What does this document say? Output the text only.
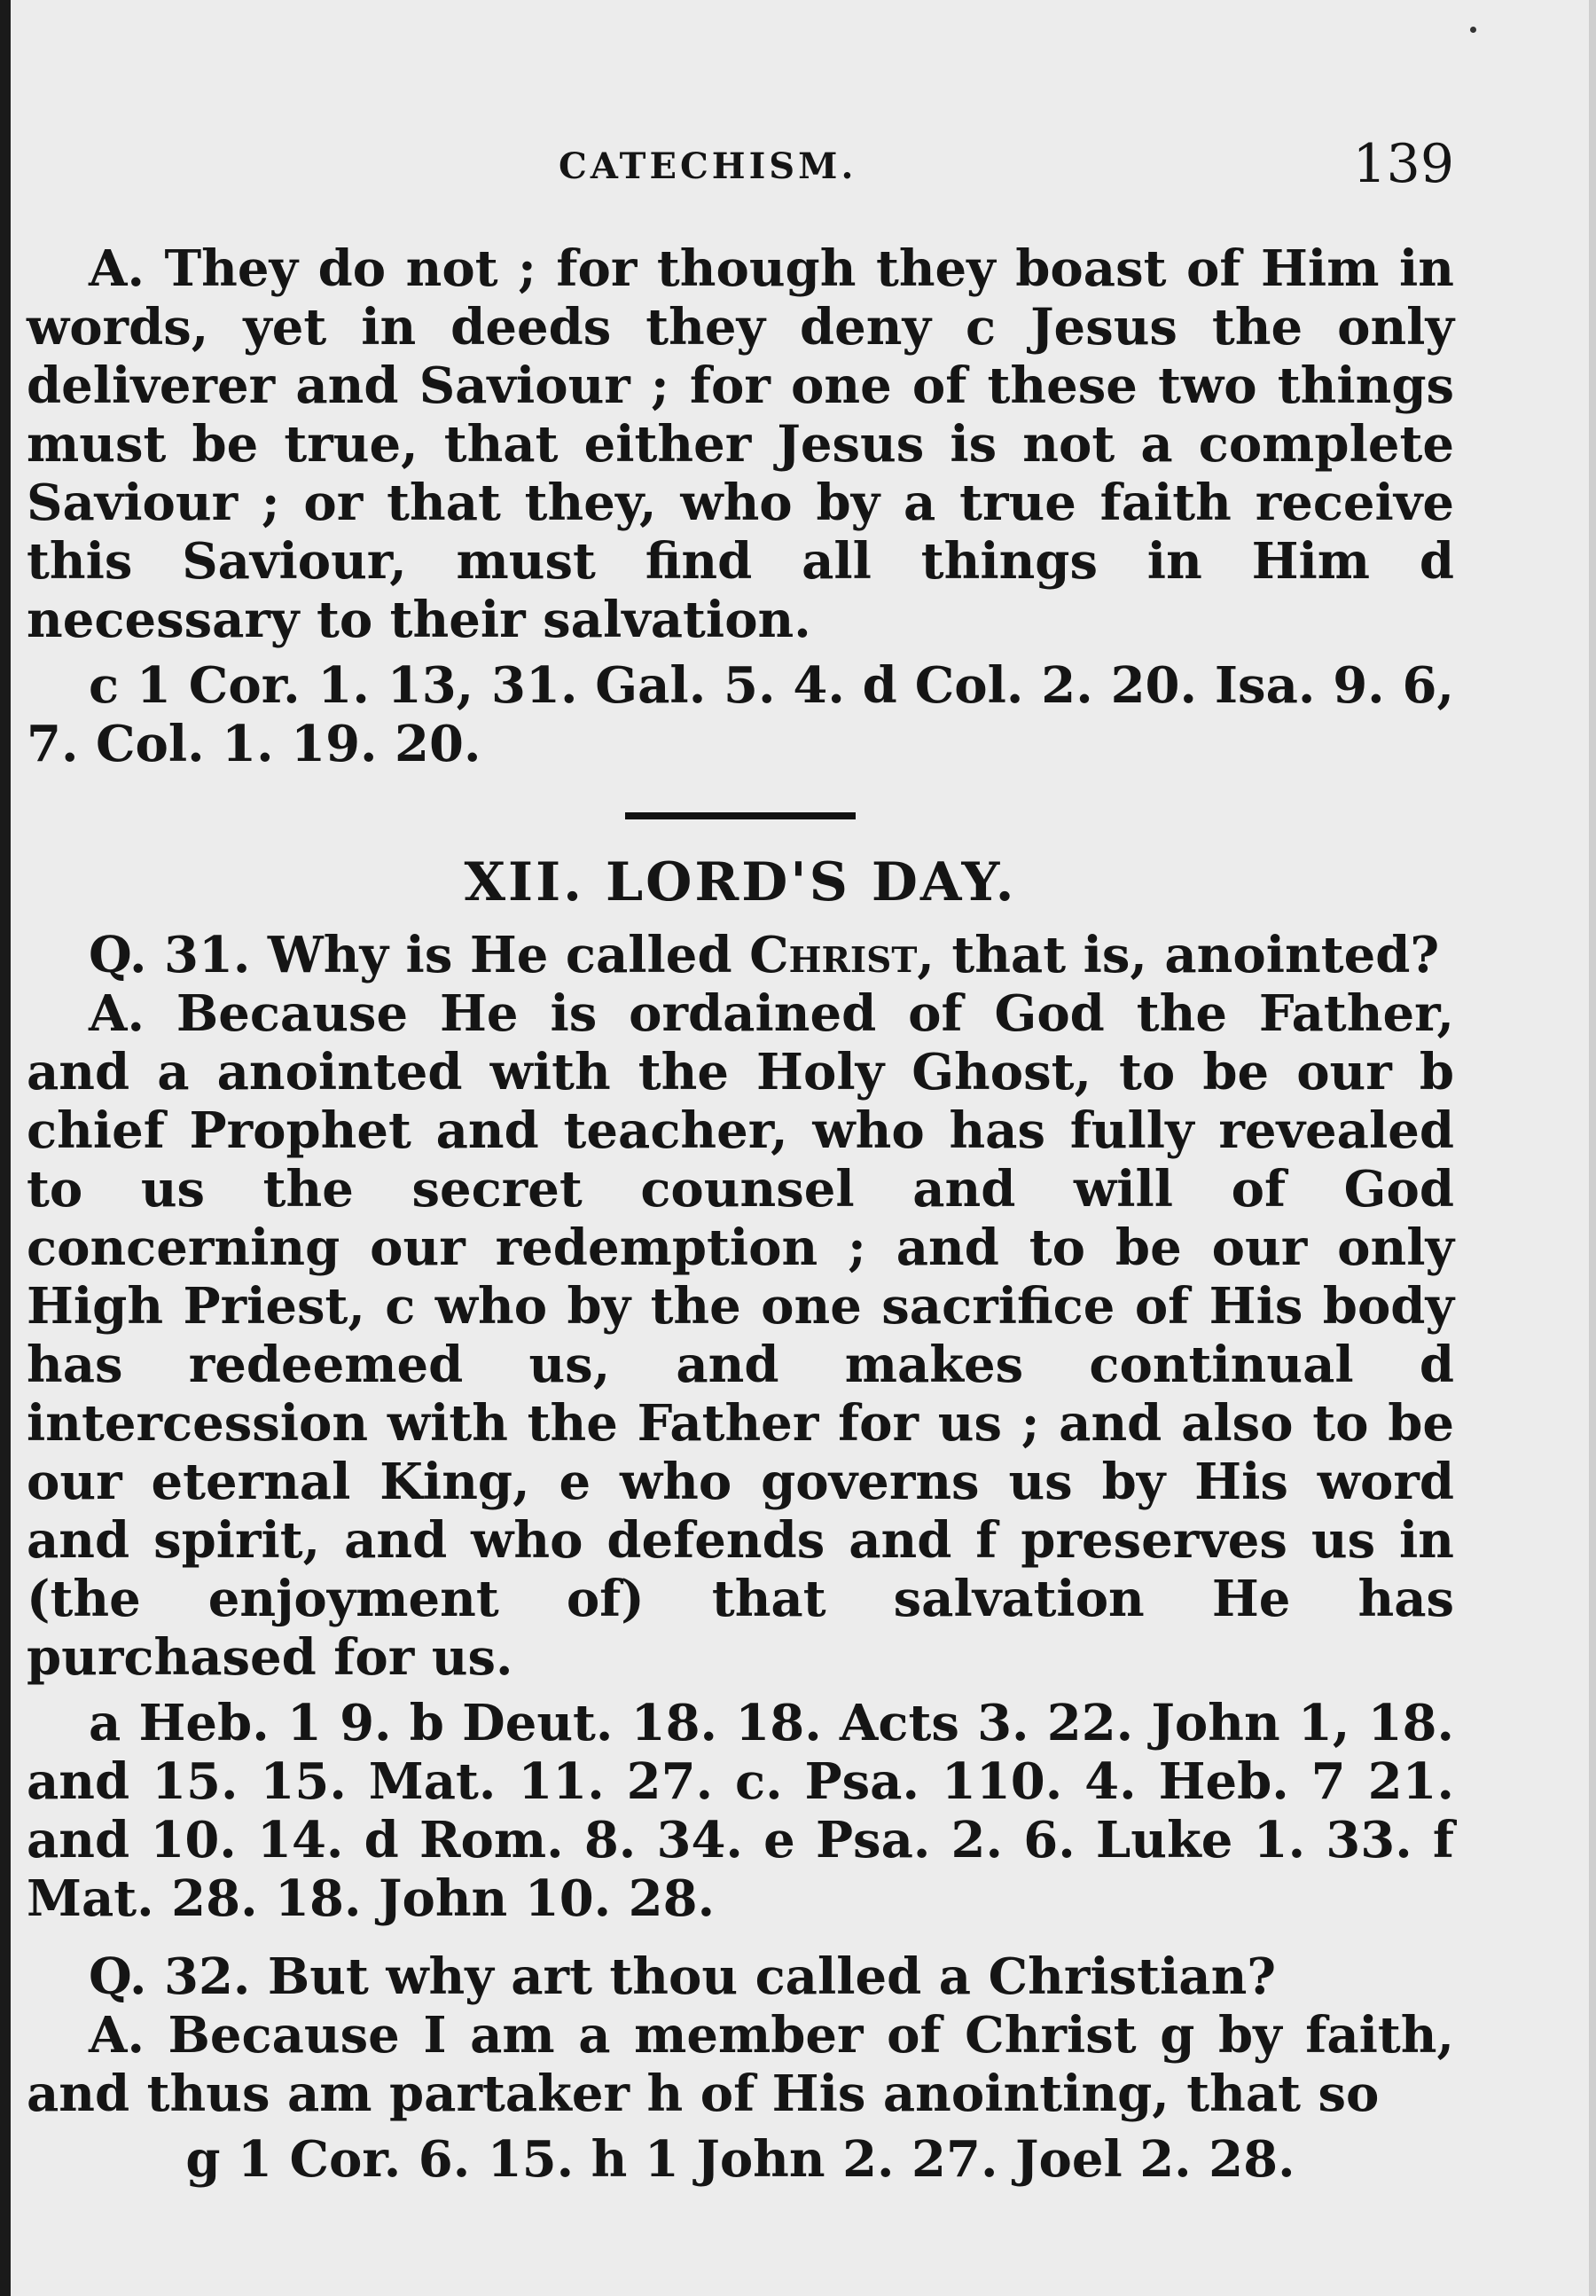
CATECHISM.	139

A. They do not ; for though they boast of Him in words, yet in deeds they deny c Jesus the only deliverer and Saviour ; for one of these two things must be true, that either Jesus is not a complete Saviour ; or that they, who by a true faith receive this Saviour, must find all things in Him d necessary to their salvation.

c 1 Cor. 1. 13, 31. Gal. 5. 4. d Col. 2. 20. Isa. 9. 6, 7. Col. 1. 19. 20.

XII. LORD'S DAY.

Q. 31. Why is He called Christ, that is, anointed?

A. Because He is ordained of God the Father, and a anointed with the Holy Ghost, to be our b chief Prophet and teacher, who has fully revealed to us the secret counsel and will of God concerning our redemption ; and to be our only High Priest, c who by the one sacrifice of His body has redeemed us, and makes continual d intercession with the Father for us ; and also to be our eternal King, e who governs us by His word and spirit, and who defends and f preserves us in (the enjoyment of) that salvation He has purchased for us.

a Heb. 1 9. b Deut. 18. 18. Acts 3. 22. John 1, 18. and 15. 15. Mat. 11. 27. c. Psa. 110. 4. Heb. 7 21. and 10. 14. d Rom. 8. 34. e Psa. 2. 6. Luke 1. 33. f Mat. 28. 18. John 10. 28.

Q. 32. But why art thou called a Christian?

A. Because I am a member of Christ g by faith, and thus am partaker h of His anointing, that so

g 1 Cor. 6. 15. h 1 John 2. 27. Joel 2. 28.
